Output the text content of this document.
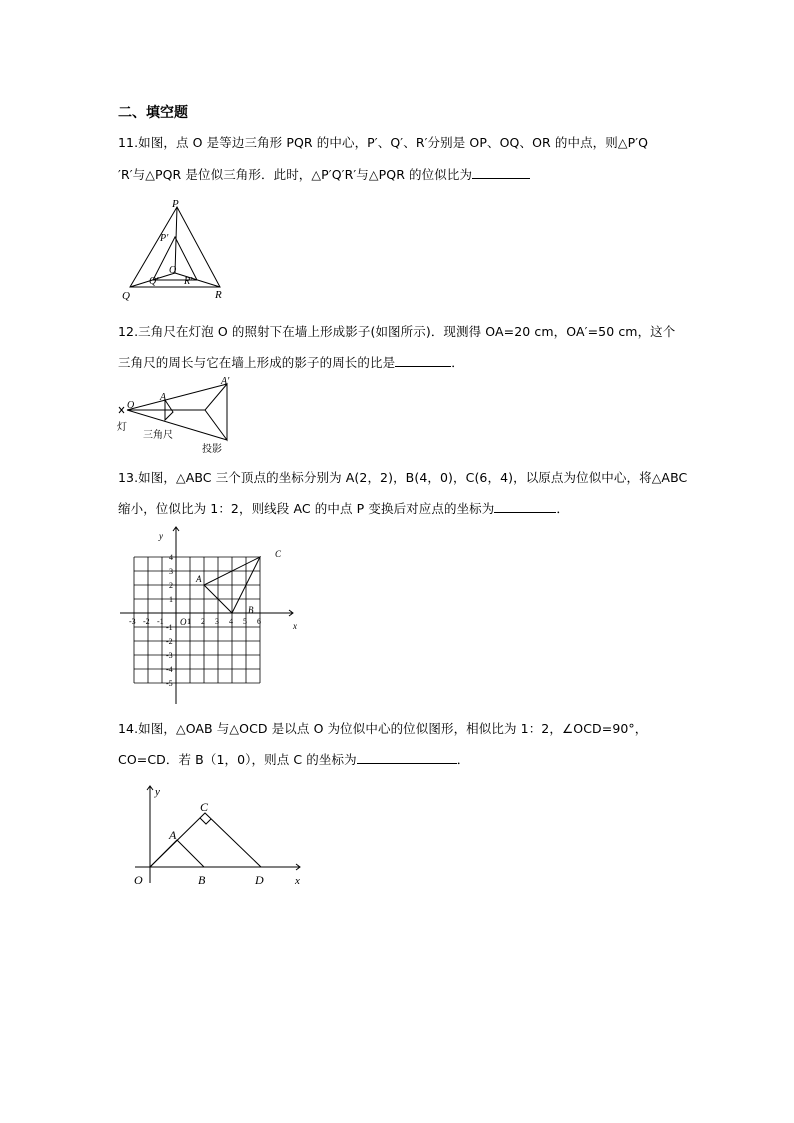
二、填空题
11.如图，点 O 是等边三角形 PQR 的中心，P′、Q′、R′分别是 OP、OQ、OR 的中点，则△P′Q
′R′与△PQR 是位似三角形．此时，△P′Q′R′与△PQR 的位似比为
P
P'
O
Q'	R'
Q	R
12.三角尺在灯泡 O 的照射下在墙上形成影子(如图所示)．现测得 OA=20 cm，OA′=50 cm，这个
三角尺的周长与它在墙上形成的影子的周长的比是	．
O
A
A'
灯
三角尺
投影
13.如图，△ABC 三个顶点的坐标分别为 A(2，2)，B(4，0)，C(6，4)，以原点为位似中心，将△ABC
缩小，位似比为 1：2，则线段 AC 的中点 P 变换后对应点的坐标为	．
x
y
O
A
B
C
-3 -2 -1	1 2 3 4 5 6
4
3
2
1
-1
-2
-3
-4
-5
14.如图，△OAB 与△OCD 是以点 O 为位似中心的位似图形，相似比为 1：2，∠OCD=90°，
CO=CD．若 B（1，0），则点 C 的坐标为	．
O
A
C
B	D	x
y
